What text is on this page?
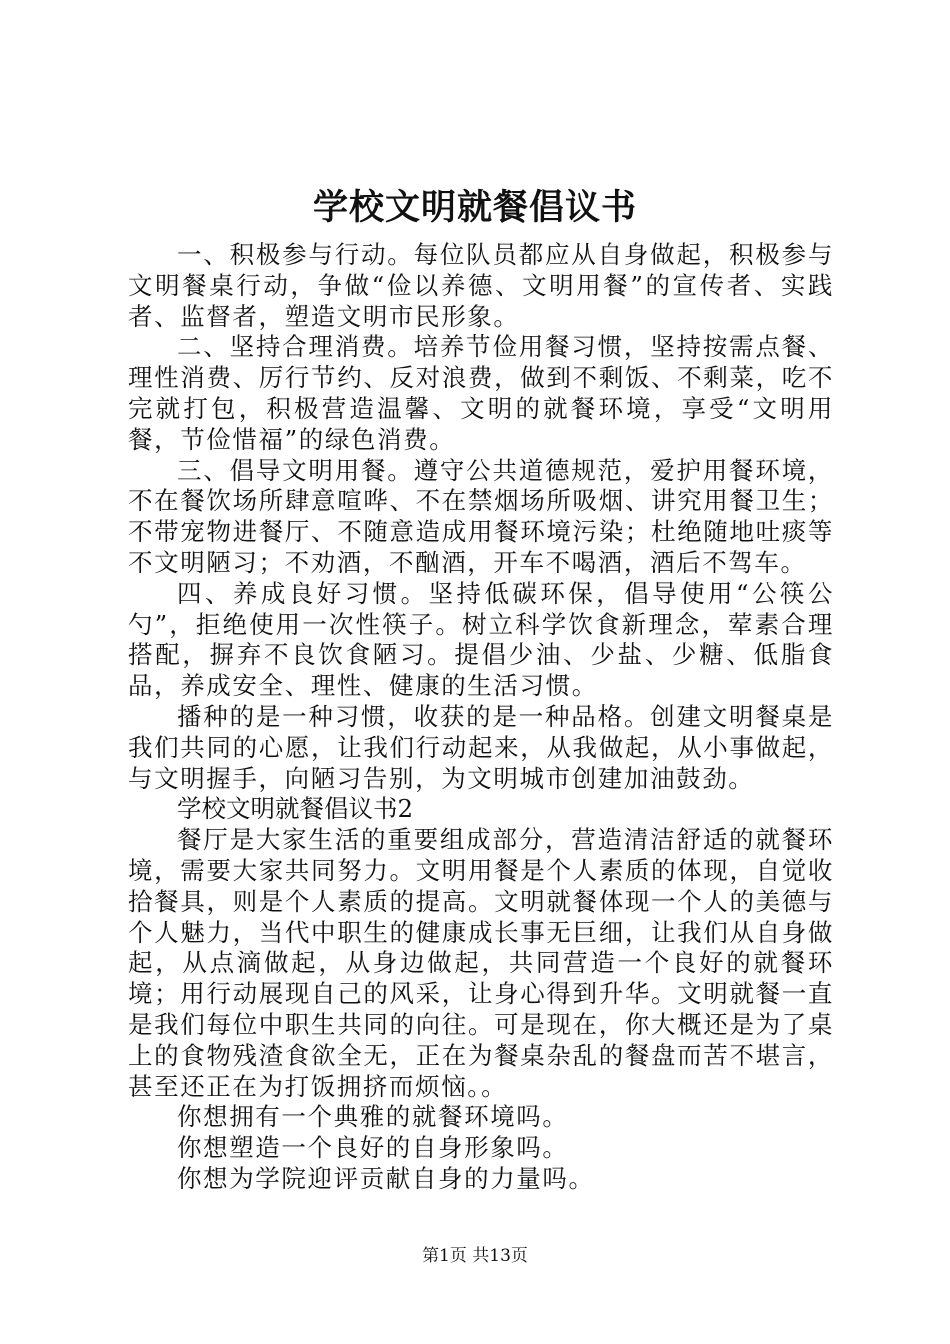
学校文明就餐倡议书

一、积极参与行动。每位队员都应从自身做起，积极参与文明餐桌行动，争做“俭以养德、文明用餐”的宣传者、实践者、监督者，塑造文明市民形象。

二、坚持合理消费。培养节俭用餐习惯，坚持按需点餐、理性消费、厉行节约、反对浪费，做到不剩饭、不剩菜，吃不完就打包，积极营造温馨、文明的就餐环境，享受“文明用餐，节俭惜福”的绿色消费。

三、倡导文明用餐。遵守公共道德规范，爱护用餐环境，不在餐饮场所肆意喧哗、不在禁烟场所吸烟、讲究用餐卫生；不带宠物进餐厅、不随意造成用餐环境污染；杜绝随地吐痰等不文明陋习；不劝酒，不酗酒，开车不喝酒，酒后不驾车。

四、养成良好习惯。坚持低碳环保，倡导使用“公筷公勺”，拒绝使用一次性筷子。树立科学饮食新理念，荤素合理搭配，摒弃不良饮食陋习。提倡少油、少盐、少糖、低脂食品，养成安全、理性、健康的生活习惯。

播种的是一种习惯，收获的是一种品格。创建文明餐桌是我们共同的心愿，让我们行动起来，从我做起，从小事做起，与文明握手，向陋习告别，为文明城市创建加油鼓劲。

学校文明就餐倡议书2

餐厅是大家生活的重要组成部分，营造清洁舒适的就餐环境，需要大家共同努力。文明用餐是个人素质的体现，自觉收拾餐具，则是个人素质的提高。文明就餐体现一个人的美德与个人魅力，当代中职生的健康成长事无巨细，让我们从自身做起，从点滴做起，从身边做起，共同营造一个良好的就餐环境；用行动展现自己的风采，让身心得到升华。文明就餐一直是我们每位中职生共同的向往。可是现在，你大概还是为了桌上的食物残渣食欲全无，正在为餐桌杂乱的餐盘而苦不堪言，甚至还正在为打饭拥挤而烦恼。。

你想拥有一个典雅的就餐环境吗。

你想塑造一个良好的自身形象吗。

你想为学院迎评贡献自身的力量吗。

第1页 共13页
